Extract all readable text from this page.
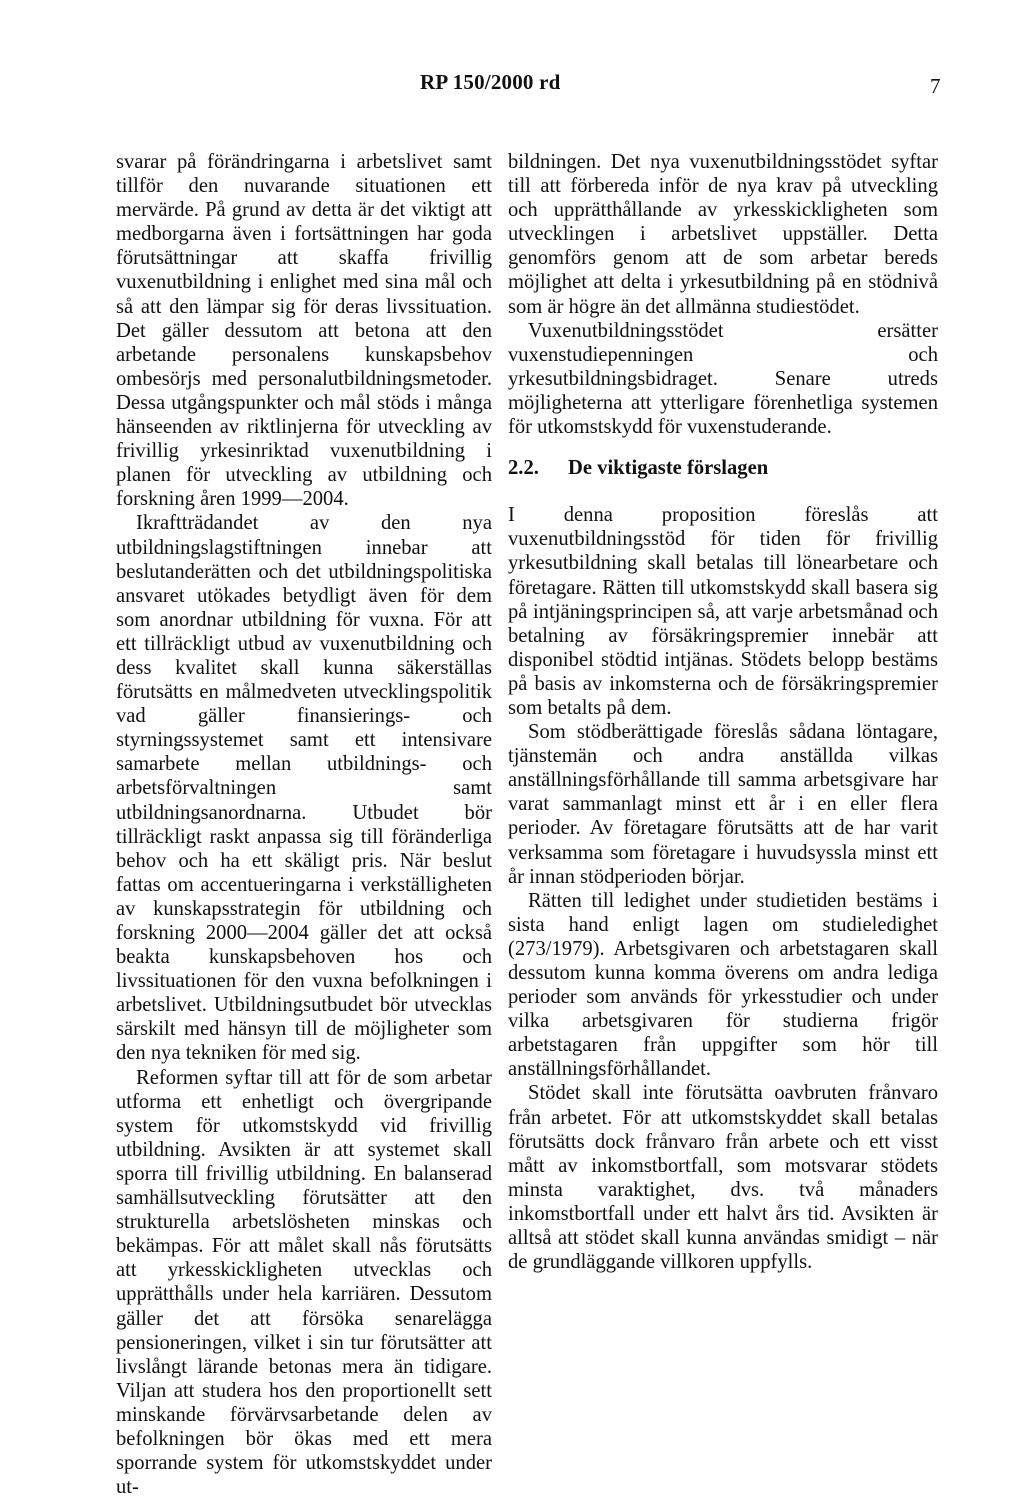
RP 150/2000 rd	7

svarar på förändringarna i arbetslivet samt tillför den nuvarande situationen ett mervärde. På grund av detta är det viktigt att medborgarna även i fortsättningen har goda förutsättningar att skaffa frivillig vuxenutbildning i enlighet med sina mål och så att den lämpar sig för deras livssituation. Det gäller dessutom att betona att den arbetande personalens kunskapsbehov ombesörjs med personalutbildningsmetoder. Dessa utgångspunkter och mål stöds i många hänseenden av riktlinjerna för utveckling av frivillig yrkesinriktad vuxenutbildning i planen för utveckling av utbildning och forskning åren 1999—2004.

Ikraftträdandet av den nya utbildningslagstiftningen innebar att beslutanderätten och det utbildningspolitiska ansvaret utökades betydligt även för dem som anordnar utbildning för vuxna. För att ett tillräckligt utbud av vuxenutbildning och dess kvalitet skall kunna säkerställas förutsätts en målmedveten utvecklingspolitik vad gäller finansierings- och styrningssystemet samt ett intensivare samarbete mellan utbildnings- och arbetsförvaltningen samt utbildningsanordnarna. Utbudet bör tillräckligt raskt anpassa sig till föränderliga behov och ha ett skäligt pris. När beslut fattas om accentueringarna i verkställigheten av kunskapsstrategin för utbildning och forskning 2000—2004 gäller det att också beakta kunskapsbehoven hos och livssituationen för den vuxna befolkningen i arbetslivet. Utbildningsutbudet bör utvecklas särskilt med hänsyn till de möjligheter som den nya tekniken för med sig.

Reformen syftar till att för de som arbetar utforma ett enhetligt och övergripande system för utkomstskydd vid frivillig utbildning. Avsikten är att systemet skall sporra till frivillig utbildning. En balanserad samhällsutveckling förutsätter att den strukturella arbetslösheten minskas och bekämpas. För att målet skall nås förutsätts att yrkesskickligheten utvecklas och upprätthålls under hela karriären. Dessutom gäller det att försöka senarelägga pensioneringen, vilket i sin tur förutsätter att livslångt lärande betonas mera än tidigare. Viljan att studera hos den proportionellt sett minskande förvärvsarbetande delen av befolkningen bör ökas med ett mera sporrande system för utkomstskyddet under ut-

bildningen. Det nya vuxenutbildningsstödet syftar till att förbereda inför de nya krav på utveckling och upprätthållande av yrkesskickligheten som utvecklingen i arbetslivet uppställer. Detta genomförs genom att de som arbetar bereds möjlighet att delta i yrkesutbildning på en stödnivå som är högre än det allmänna studiestödet.

Vuxenutbildningsstödet ersätter vuxenstudiepenningen och yrkesutbildningsbidraget. Senare utreds möjligheterna att ytterligare förenhetliga systemen för utkomstskydd för vuxenstuderande.

2.2.	De viktigaste förslagen

I denna proposition föreslås att vuxenutbildningsstöd för tiden för frivillig yrkesutbildning skall betalas till lönearbetare och företagare. Rätten till utkomstskydd skall basera sig på intjäningsprincipen så, att varje arbetsmånad och betalning av försäkringspremier innebär att disponibel stödtid intjänas. Stödets belopp bestäms på basis av inkomsterna och de försäkringspremier som betalts på dem.

Som stödberättigade föreslås sådana löntagare, tjänstemän och andra anställda vilkas anställningsförhållande till samma arbetsgivare har varat sammanlagt minst ett år i en eller flera perioder. Av företagare förutsätts att de har varit verksamma som företagare i huvudsyssla minst ett år innan stödperioden börjar.

Rätten till ledighet under studietiden bestäms i sista hand enligt lagen om studieledighet (273/1979). Arbetsgivaren och arbetstagaren skall dessutom kunna komma överens om andra lediga perioder som används för yrkesstudier och under vilka arbetsgivaren för studierna frigör arbetstagaren från uppgifter som hör till anställningsförhållandet.

Stödet skall inte förutsätta oavbruten frånvaro från arbetet. För att utkomstskyddet skall betalas förutsätts dock frånvaro från arbete och ett visst mått av inkomstbortfall, som motsvarar stödets minsta varaktighet, dvs. två månaders inkomstbortfall under ett halvt års tid. Avsikten är alltså att stödet skall kunna användas smidigt – när de grundläggande villkoren uppfylls.
